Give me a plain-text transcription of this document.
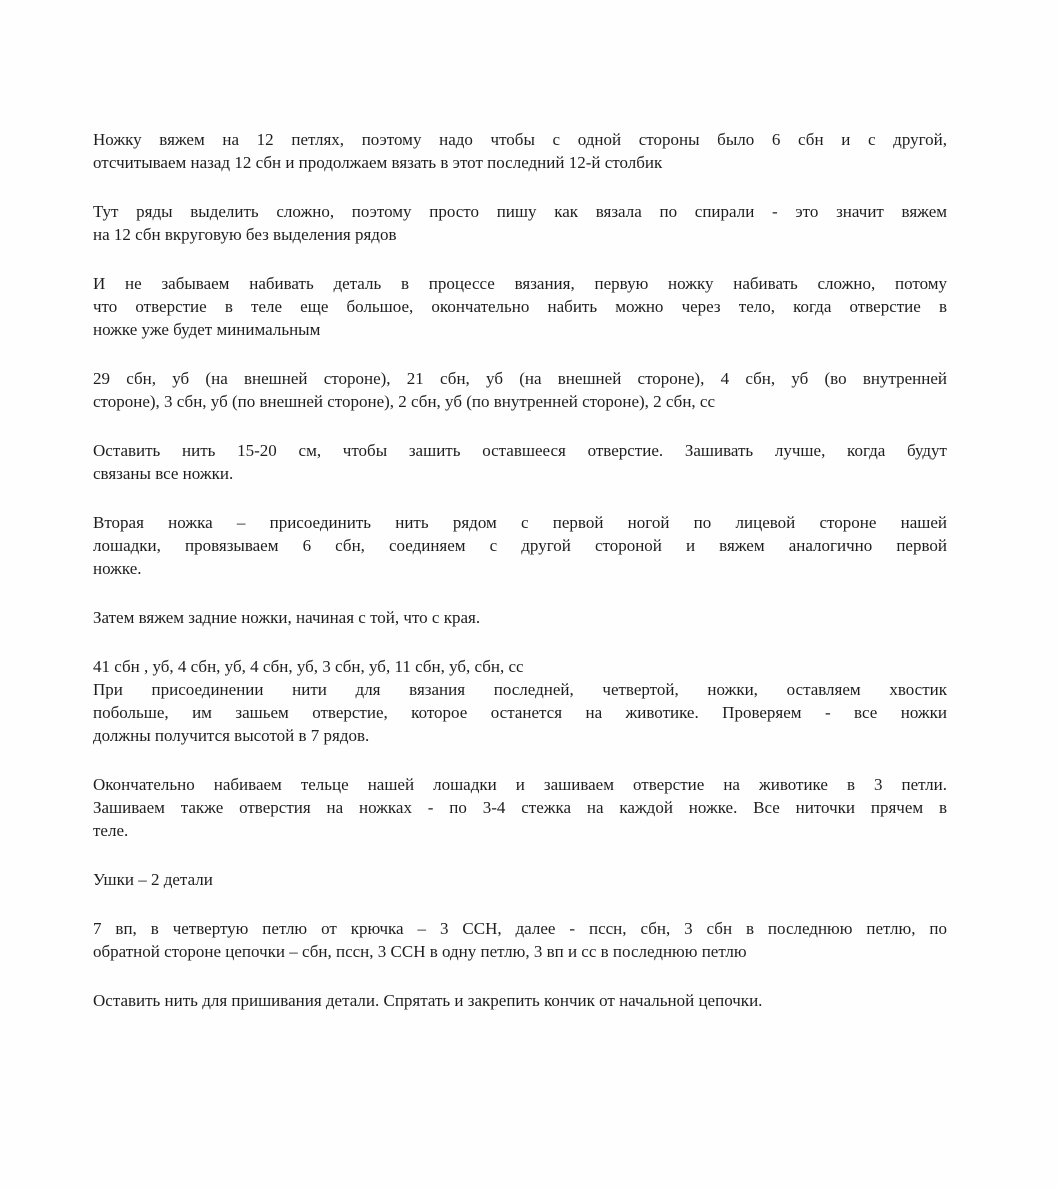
Ножку вяжем на 12 петлях, поэтому надо чтобы с одной стороны было 6 сбн и с другой,
отсчитываем назад 12 сбн и продолжаем вязать в этот последний 12-й столбик
Тут ряды выделить сложно, поэтому просто пишу как вязала по спирали - это значит вяжем
на 12 сбн вкруговую без выделения рядов
И не забываем набивать деталь в процессе вязания, первую ножку набивать сложно, потому
что отверстие в теле еще большое, окончательно набить можно через тело, когда отверстие в
ножке уже будет минимальным
29 сбн, уб (на внешней стороне), 21 сбн, уб (на внешней стороне), 4 сбн, уб (во внутренней
стороне), 3 сбн, уб (по внешней стороне), 2 сбн, уб (по внутренней стороне), 2 сбн, сс
Оставить нить 15-20 см, чтобы зашить оставшееся отверстие. Зашивать лучше, когда будут
связаны все ножки.
Вторая ножка – присоединить нить рядом с первой ногой по лицевой стороне нашей
лошадки, провязываем 6 сбн, соединяем с другой стороной и вяжем аналогично первой
ножке.
Затем вяжем задние ножки, начиная с той, что с края.
41 сбн , уб, 4 сбн, уб, 4 сбн, уб, 3 сбн, уб, 11 сбн, уб, сбн, сс
При присоединении нити для вязания последней, четвертой, ножки, оставляем хвостик
побольше, им зашьем отверстие, которое останется на животике. Проверяем - все ножки
должны получится высотой в 7 рядов.
Окончательно набиваем тельце нашей лошадки и зашиваем отверстие на животике в 3 петли.
Зашиваем также отверстия на ножках - по 3-4 стежка на каждой ножке. Все ниточки прячем в
теле.
Ушки – 2 детали
7 вп, в четвертую петлю от крючка – 3 ССН, далее - пссн, сбн, 3 сбн в последнюю петлю, по
обратной стороне цепочки – сбн, пссн, 3 ССН в одну петлю, 3 вп и сс в последнюю петлю
Оставить нить для пришивания детали. Спрятать и закрепить кончик от начальной цепочки.
